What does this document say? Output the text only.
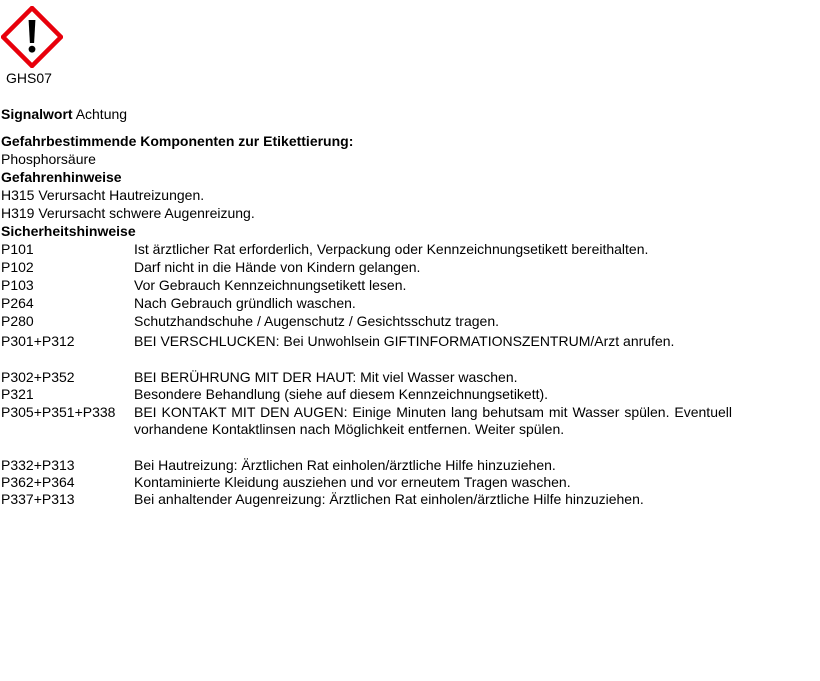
GHS07
Signalwort Achtung
Gefahrbestimmende Komponenten zur Etikettierung:
Phosphorsäure
Gefahrenhinweise
H315 Verursacht Hautreizungen.
H319 Verursacht schwere Augenreizung.
Sicherheitshinweise
P101	Ist ärztlicher Rat erforderlich, Verpackung oder Kennzeichnungsetikett bereithalten.
P102	Darf nicht in die Hände von Kindern gelangen.
P103	Vor Gebrauch Kennzeichnungsetikett lesen.
P264	Nach Gebrauch gründlich waschen.
P280	Schutzhandschuhe / Augenschutz / Gesichtsschutz tragen.
P301+P312	BEI VERSCHLUCKEN: Bei Unwohlsein GIFTINFORMATIONSZENTRUM/Arzt anrufen.
P302+P352	BEI BERÜHRUNG MIT DER HAUT: Mit viel Wasser waschen.
P321	Besondere Behandlung (siehe auf diesem Kennzeichnungsetikett).
P305+P351+P338 BEI KONTAKT MIT DEN AUGEN: Einige Minuten lang behutsam mit Wasser spülen. Eventuell vorhandene Kontaktlinsen nach Möglichkeit entfernen. Weiter spülen.
P332+P313	Bei Hautreizung: Ärztlichen Rat einholen/ärztliche Hilfe hinzuziehen.
P362+P364	Kontaminierte Kleidung ausziehen und vor erneutem Tragen waschen.
P337+P313	Bei anhaltender Augenreizung: Ärztlichen Rat einholen/ärztliche Hilfe hinzuziehen.
